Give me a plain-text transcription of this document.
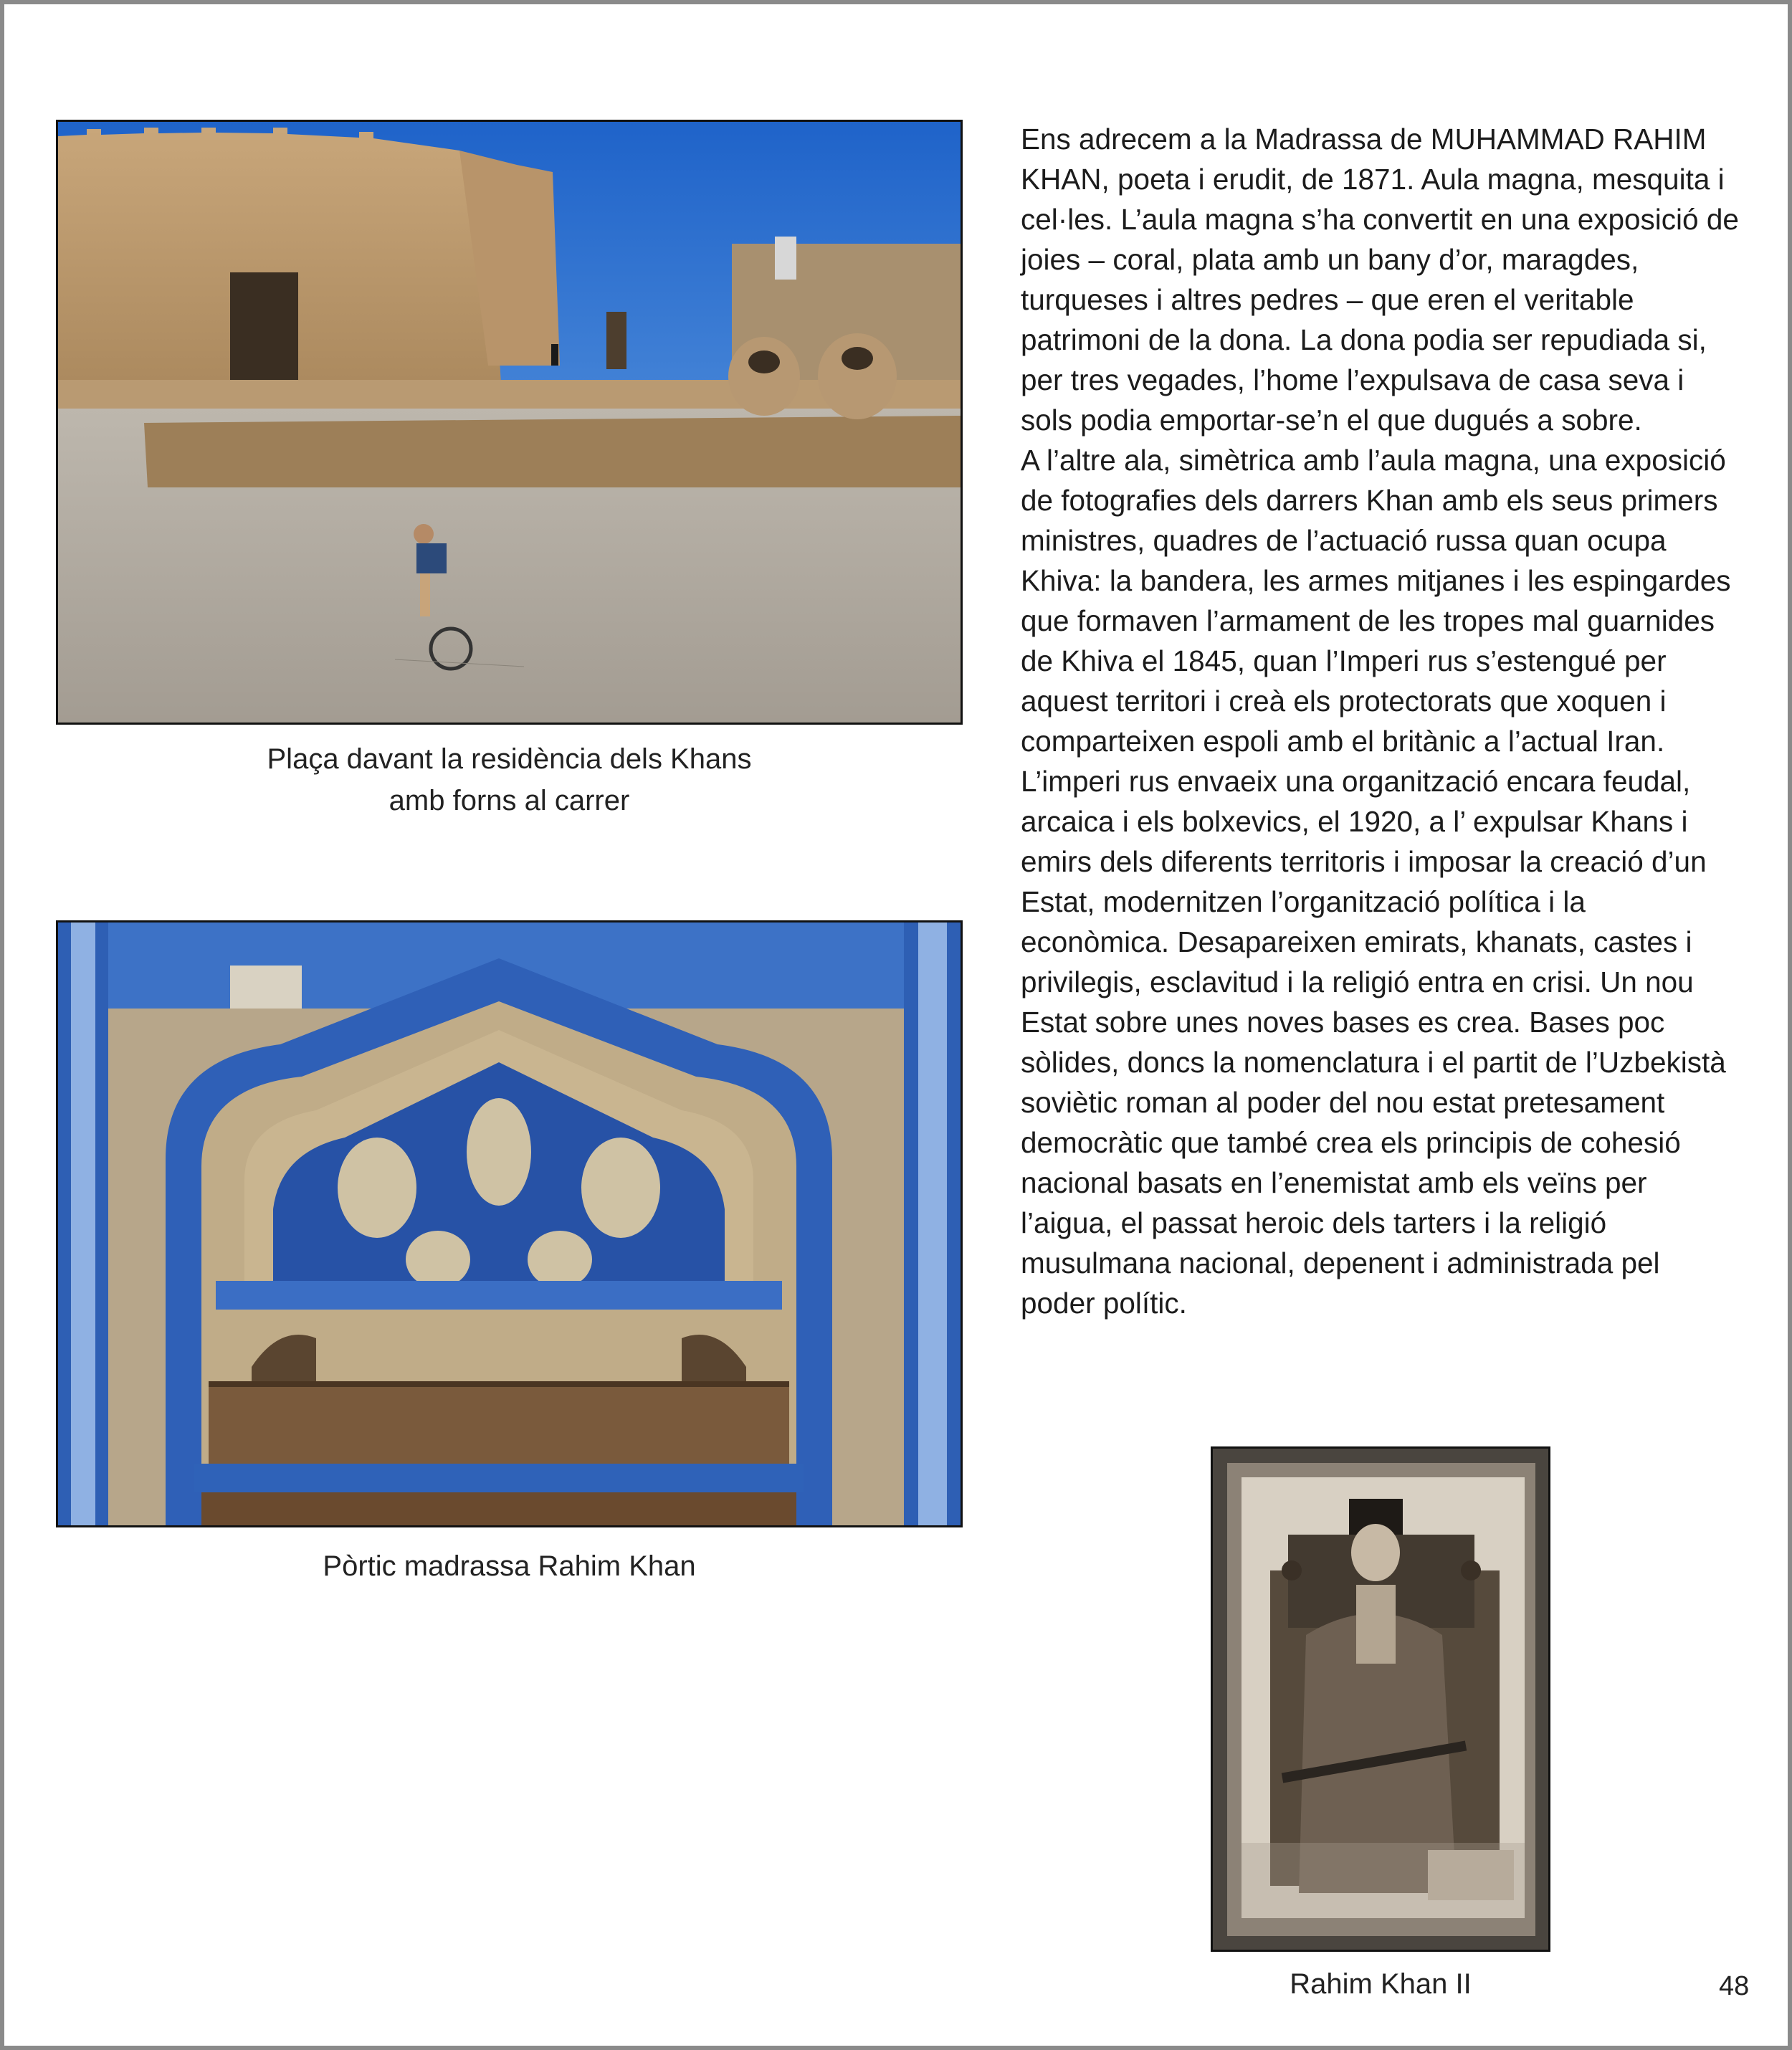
Plaça davant la residència dels Khans
amb forns al carrer
Pòrtic madrassa Rahim Khan

Ens adrecem a la Madrassa de MUHAMMAD RAHIM KHAN, poeta i erudit, de 1871. Aula magna, mesquita i cel·les. L’aula magna s’ha convertit en una exposició de joies – coral, plata amb un bany d’or, maragdes, turqueses i altres pedres – que eren el veritable patrimoni de la dona. La dona podia ser repudiada si, per tres vegades, l’home l’expulsava de casa seva i sols podia emportar-se’n el que dugués a sobre.

A l’altre ala, simètrica amb l’aula magna, una exposició de fotografies dels darrers Khan amb els seus primers ministres, quadres de l’actuació russa quan ocupa Khiva: la bandera, les armes mitjanes i les espingardes que formaven l’armament de les tropes mal guarnides de Khiva el 1845, quan l’Imperi rus s’estengué per aquest territori i creà els protectorats que xoquen i comparteixen espoli amb el britànic a l’actual Iran.

L’imperi rus envaeix una organització encara feudal, arcaica i els bolxevics, el 1920, a l’ expulsar Khans i emirs dels diferents territoris i imposar la creació d’un Estat, modernitzen l’organització política i la econòmica. Desapareixen emirats, khanats, castes i privilegis, esclavitud i la religió entra en crisi. Un nou Estat sobre unes noves bases es crea. Bases poc sòlides, doncs la nomenclatura i el partit de l’Uzbekistà soviètic roman al poder del nou estat pretesament democràtic que també crea els principis de cohesió nacional basats en l’enemistat amb els veïns per l’aigua, el passat heroic dels tarters i la religió musulmana nacional, depenent i administrada pel poder polític.

Rahim Khan II	48
